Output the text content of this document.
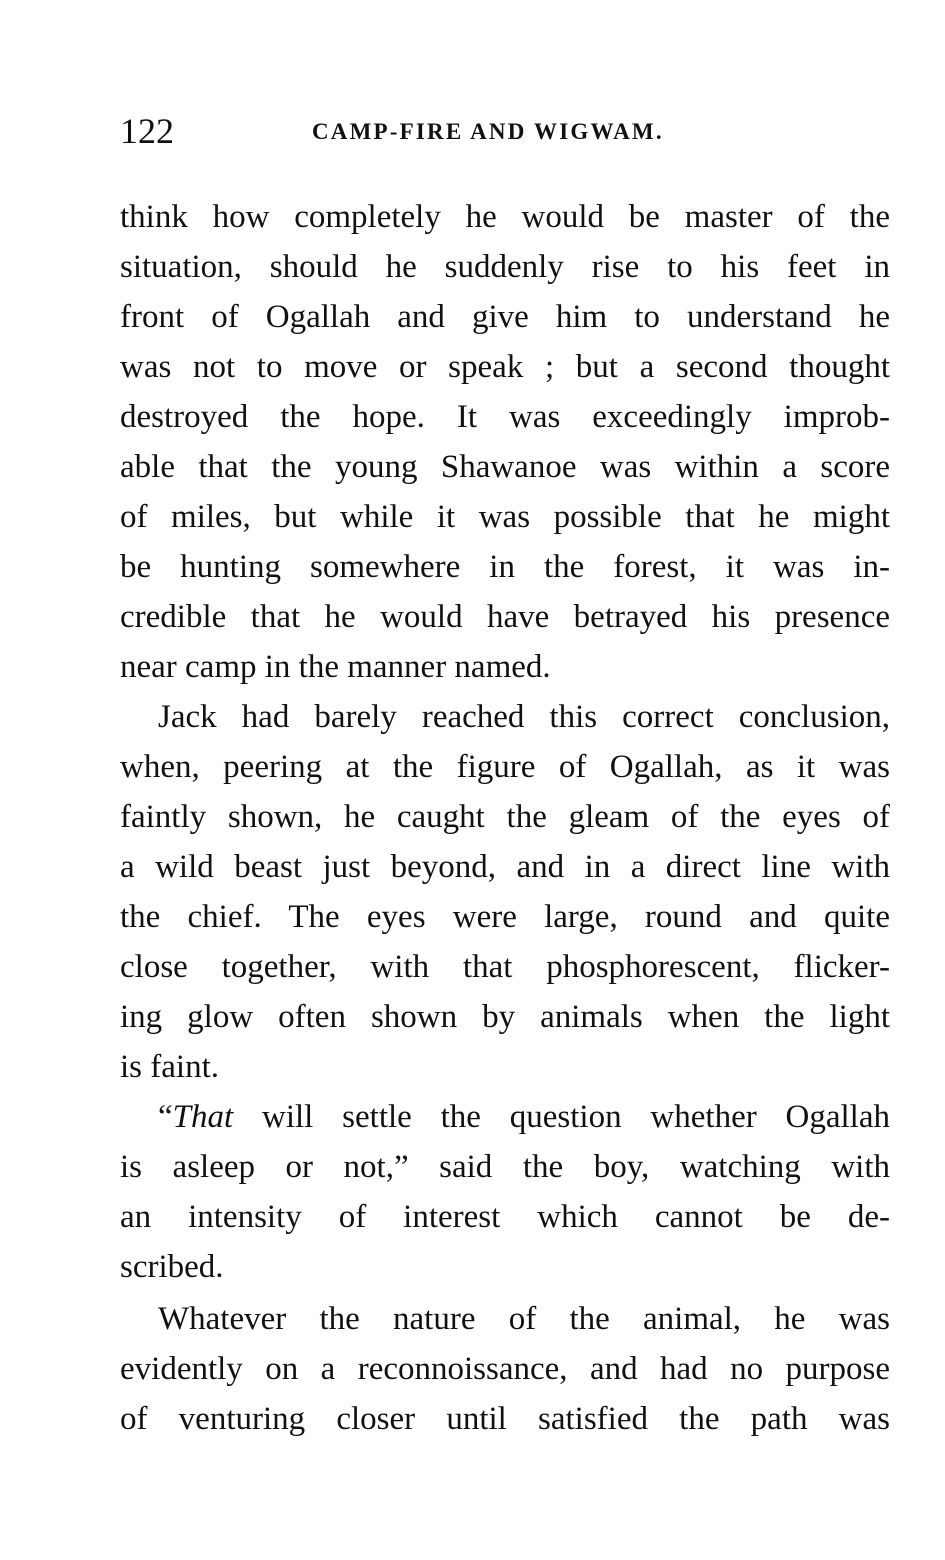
122	CAMP-FIRE AND WIGWAM.
think how completely he would be master of the
situation, should he suddenly rise to his feet in
front of Ogallah and give him to understand he
was not to move or speak ; but a second thought
destroyed the hope. It was exceedingly improb-
able that the young Shawanoe was within a score
of miles, but while it was possible that he might
be hunting somewhere in the forest, it was in-
credible that he would have betrayed his presence
near camp in the manner named.
Jack had barely reached this correct conclusion,
when, peering at the figure of Ogallah, as it was
faintly shown, he caught the gleam of the eyes of
a wild beast just beyond, and in a direct line with
the chief. The eyes were large, round and quite
close together, with that phosphorescent, flicker-
ing glow often shown by animals when the light
is faint.
“That will settle the question whether Ogallah
is asleep or not,” said the boy, watching with
an intensity of interest which cannot be de-
scribed.
Whatever the nature of the animal, he was
evidently on a reconnoissance, and had no purpose
of venturing closer until satisfied the path was
